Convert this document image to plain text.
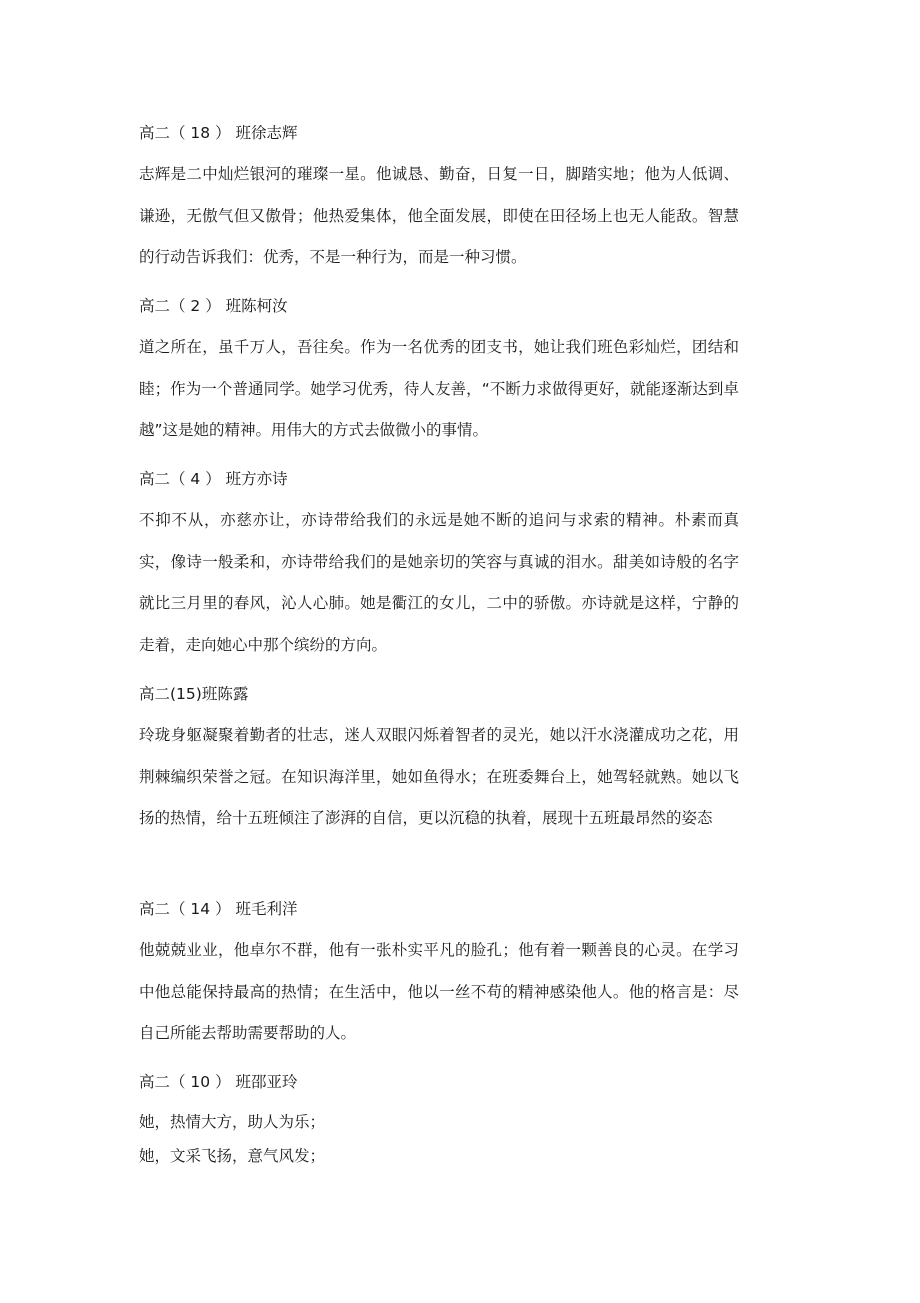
高二（ 18 ） 班徐志辉

志辉是二中灿烂银河的璀璨一星。他诚恳、勤奋，日复一日，脚踏实地；他为人低调、谦逊，无傲气但又傲骨；他热爱集体，他全面发展，即使在田径场上也无人能敌。智慧的行动告诉我们：优秀，不是一种行为，而是一种习惯。

高二（ 2 ） 班陈柯汝

道之所在，虽千万人，吾往矣。作为一名优秀的团支书，她让我们班色彩灿烂，团结和睦；作为一个普通同学。她学习优秀，待人友善，“不断力求做得更好，就能逐渐达到卓越”这是她的精神。用伟大的方式去做微小的事情。

高二（ 4 ） 班方亦诗

不抑不从，亦慈亦让，亦诗带给我们的永远是她不断的追问与求索的精神。朴素而真实，像诗一般柔和，亦诗带给我们的是她亲切的笑容与真诚的泪水。甜美如诗般的名字就比三月里的春风，沁人心肺。她是衢江的女儿，二中的骄傲。亦诗就是这样，宁静的走着，走向她心中那个缤纷的方向。

高二(15)班陈露

玲珑身躯凝聚着勤者的壮志，迷人双眼闪烁着智者的灵光，她以汗水浇灌成功之花，用荆棘编织荣誉之冠。在知识海洋里，她如鱼得水；在班委舞台上，她驾轻就熟。她以飞扬的热情，给十五班倾注了澎湃的自信，更以沉稳的执着，展现十五班最昂然的姿态

高二（ 14 ） 班毛利洋

他兢兢业业，他卓尔不群，他有一张朴实平凡的脸孔；他有着一颗善良的心灵。在学习中他总能保持最高的热情；在生活中，他以一丝不苟的精神感染他人。他的格言是：尽自己所能去帮助需要帮助的人。

高二（ 10 ） 班邵亚玲

她，热情大方，助人为乐；

她，文采飞扬，意气风发；
